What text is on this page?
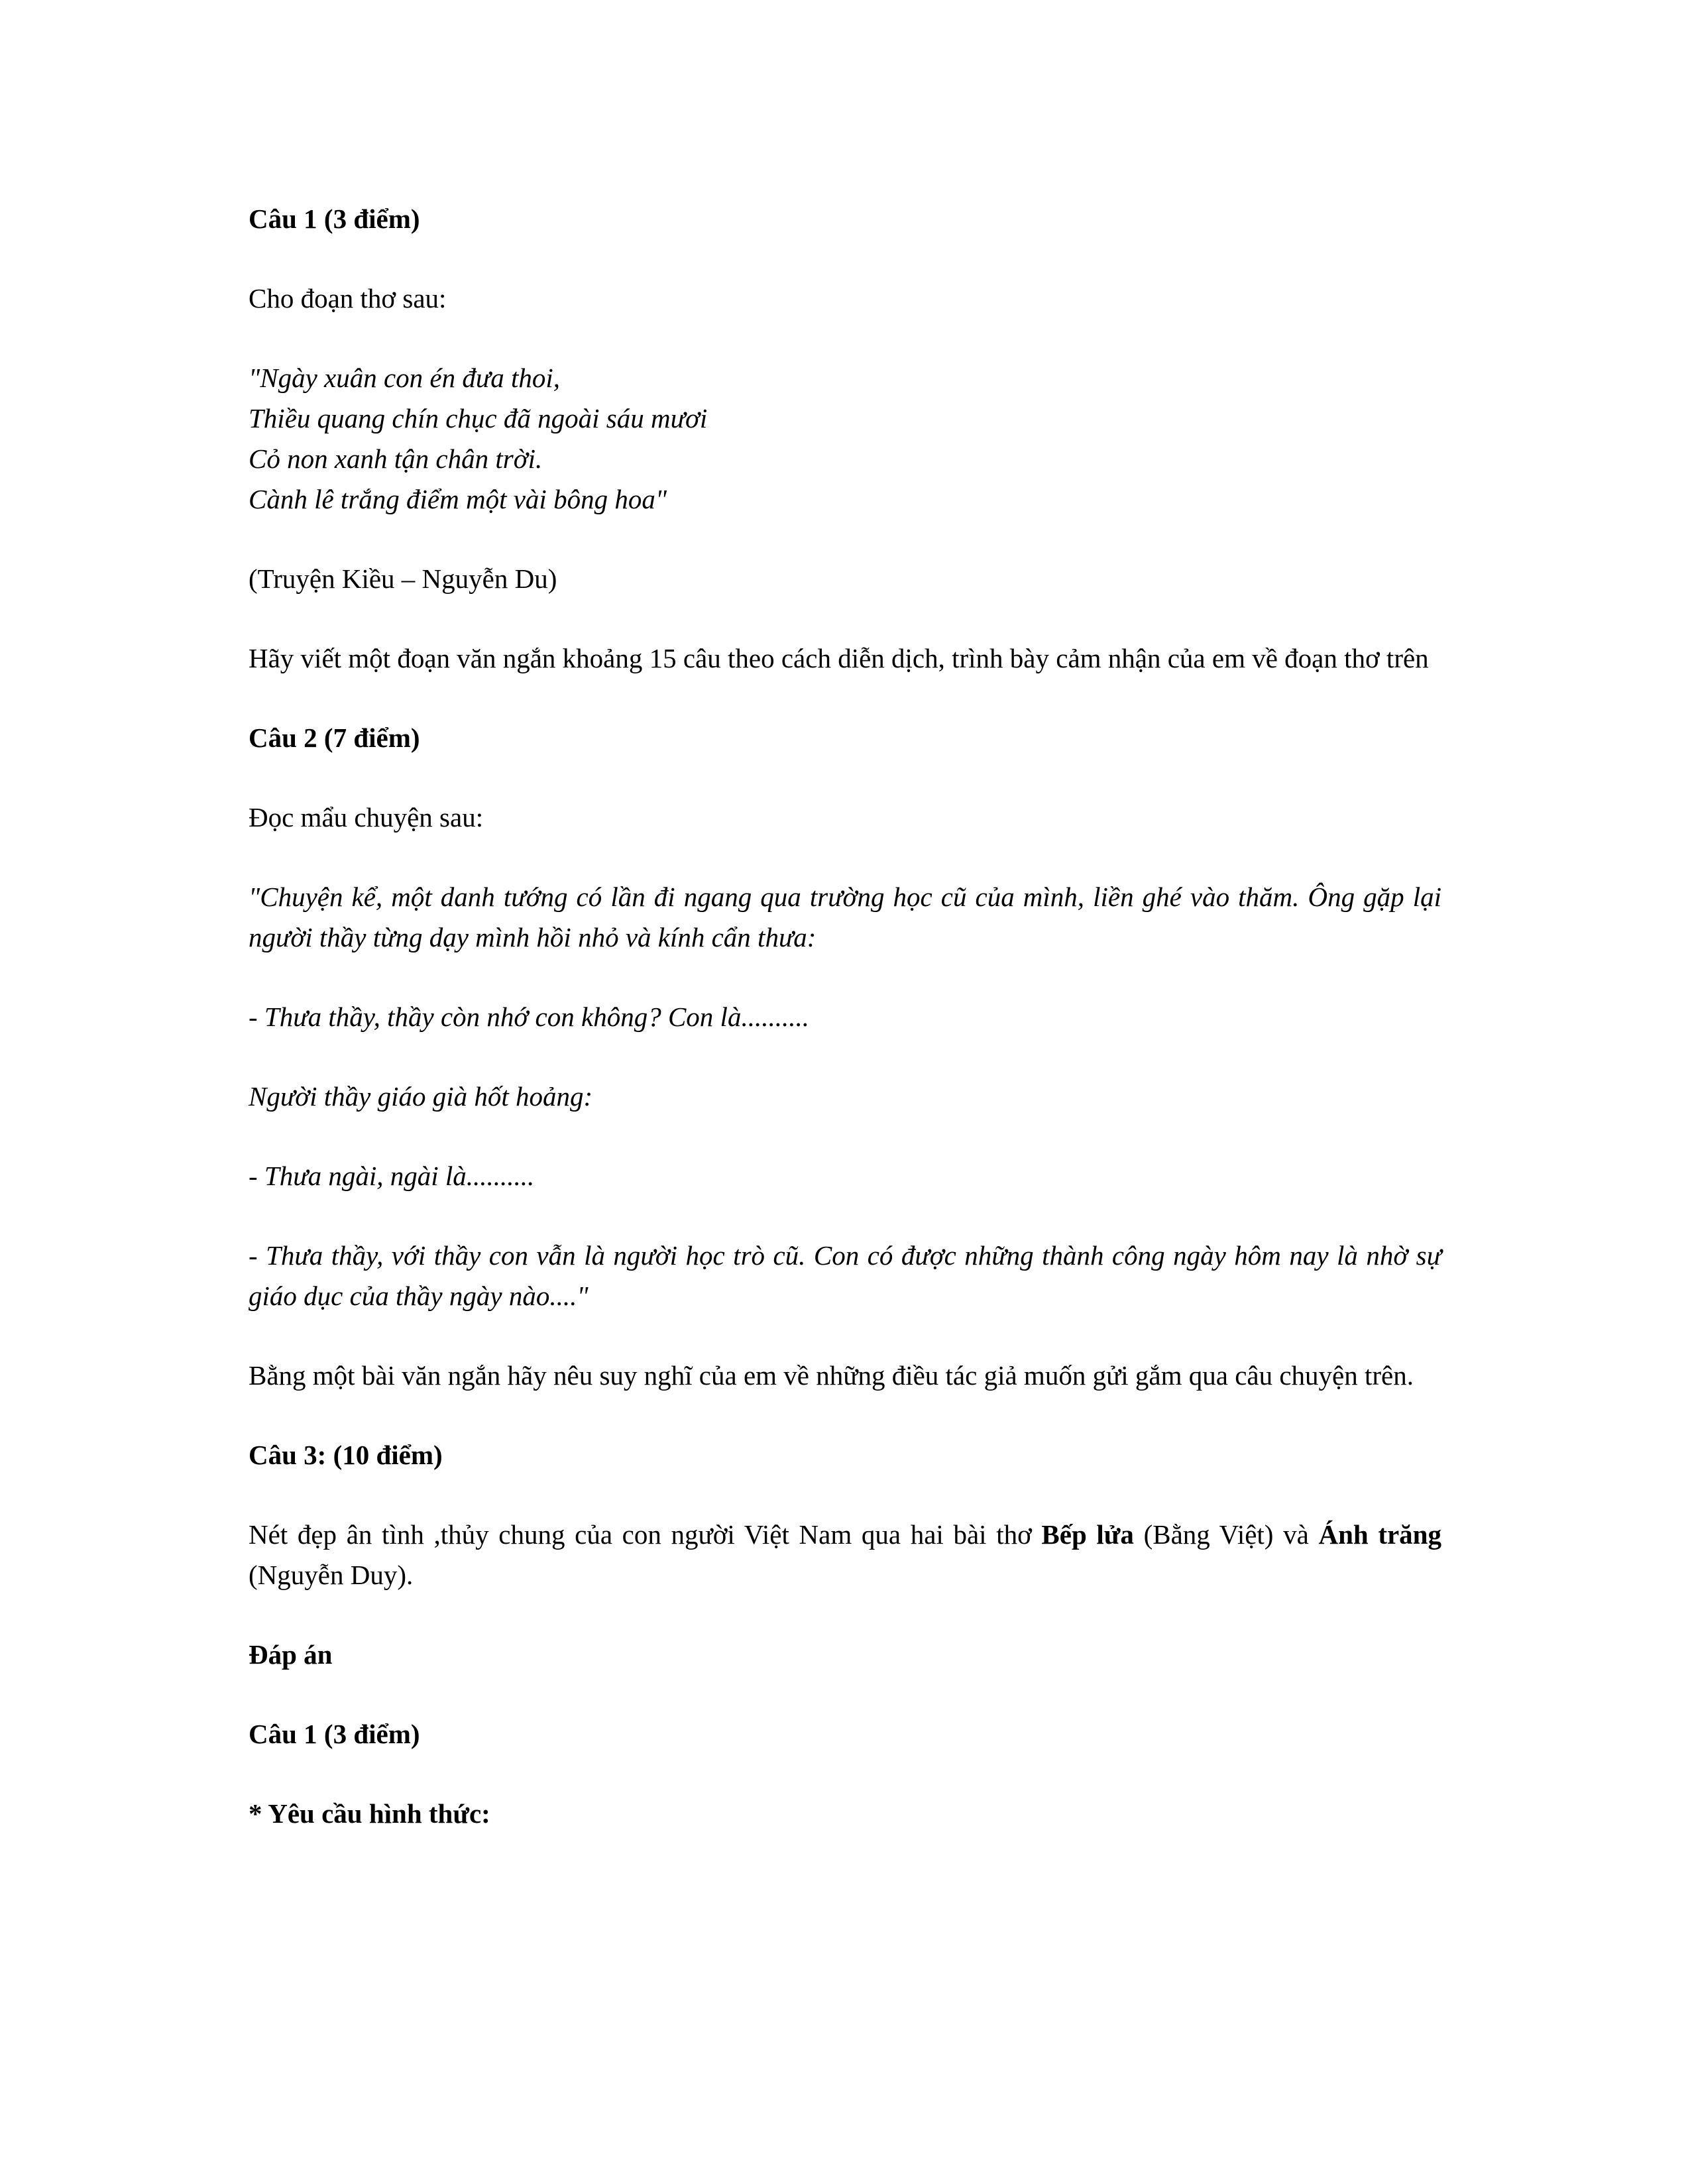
Câu 1 (3 điểm)

Cho đoạn thơ sau:

"Ngày xuân con én đưa thoi,
Thiều quang chín chục đã ngoài sáu mươi
Cỏ non xanh tận chân trời.
Cành lê trắng điểm một vài bông hoa"

(Truyện Kiều – Nguyễn Du)

Hãy viết một đoạn văn ngắn khoảng 15 câu theo cách diễn dịch, trình bày cảm nhận của em về đoạn thơ trên

Câu 2 (7 điểm)

Đọc mẩu chuyện sau:

"Chuyện kể, một danh tướng có lần đi ngang qua trường học cũ của mình, liền ghé vào thăm. Ông gặp lại người thầy từng dạy mình hồi nhỏ và kính cẩn thưa:

- Thưa thầy, thầy còn nhớ con không? Con là..........

Người thầy giáo già hốt hoảng:

- Thưa ngài, ngài là..........

- Thưa thầy, với thầy con vẫn là người học trò cũ. Con có được những thành công ngày hôm nay là nhờ sự giáo dục của thầy ngày nào...."

Bằng một bài văn ngắn hãy nêu suy nghĩ của em về những điều tác giả muốn gửi gắm qua câu chuyện trên.

Câu 3: (10 điểm)

Nét đẹp ân tình ,thủy chung của con người Việt Nam qua hai bài thơ Bếp lửa (Bằng Việt) và Ánh trăng (Nguyễn Duy).

Đáp án

Câu 1 (3 điểm)

* Yêu cầu hình thức:
